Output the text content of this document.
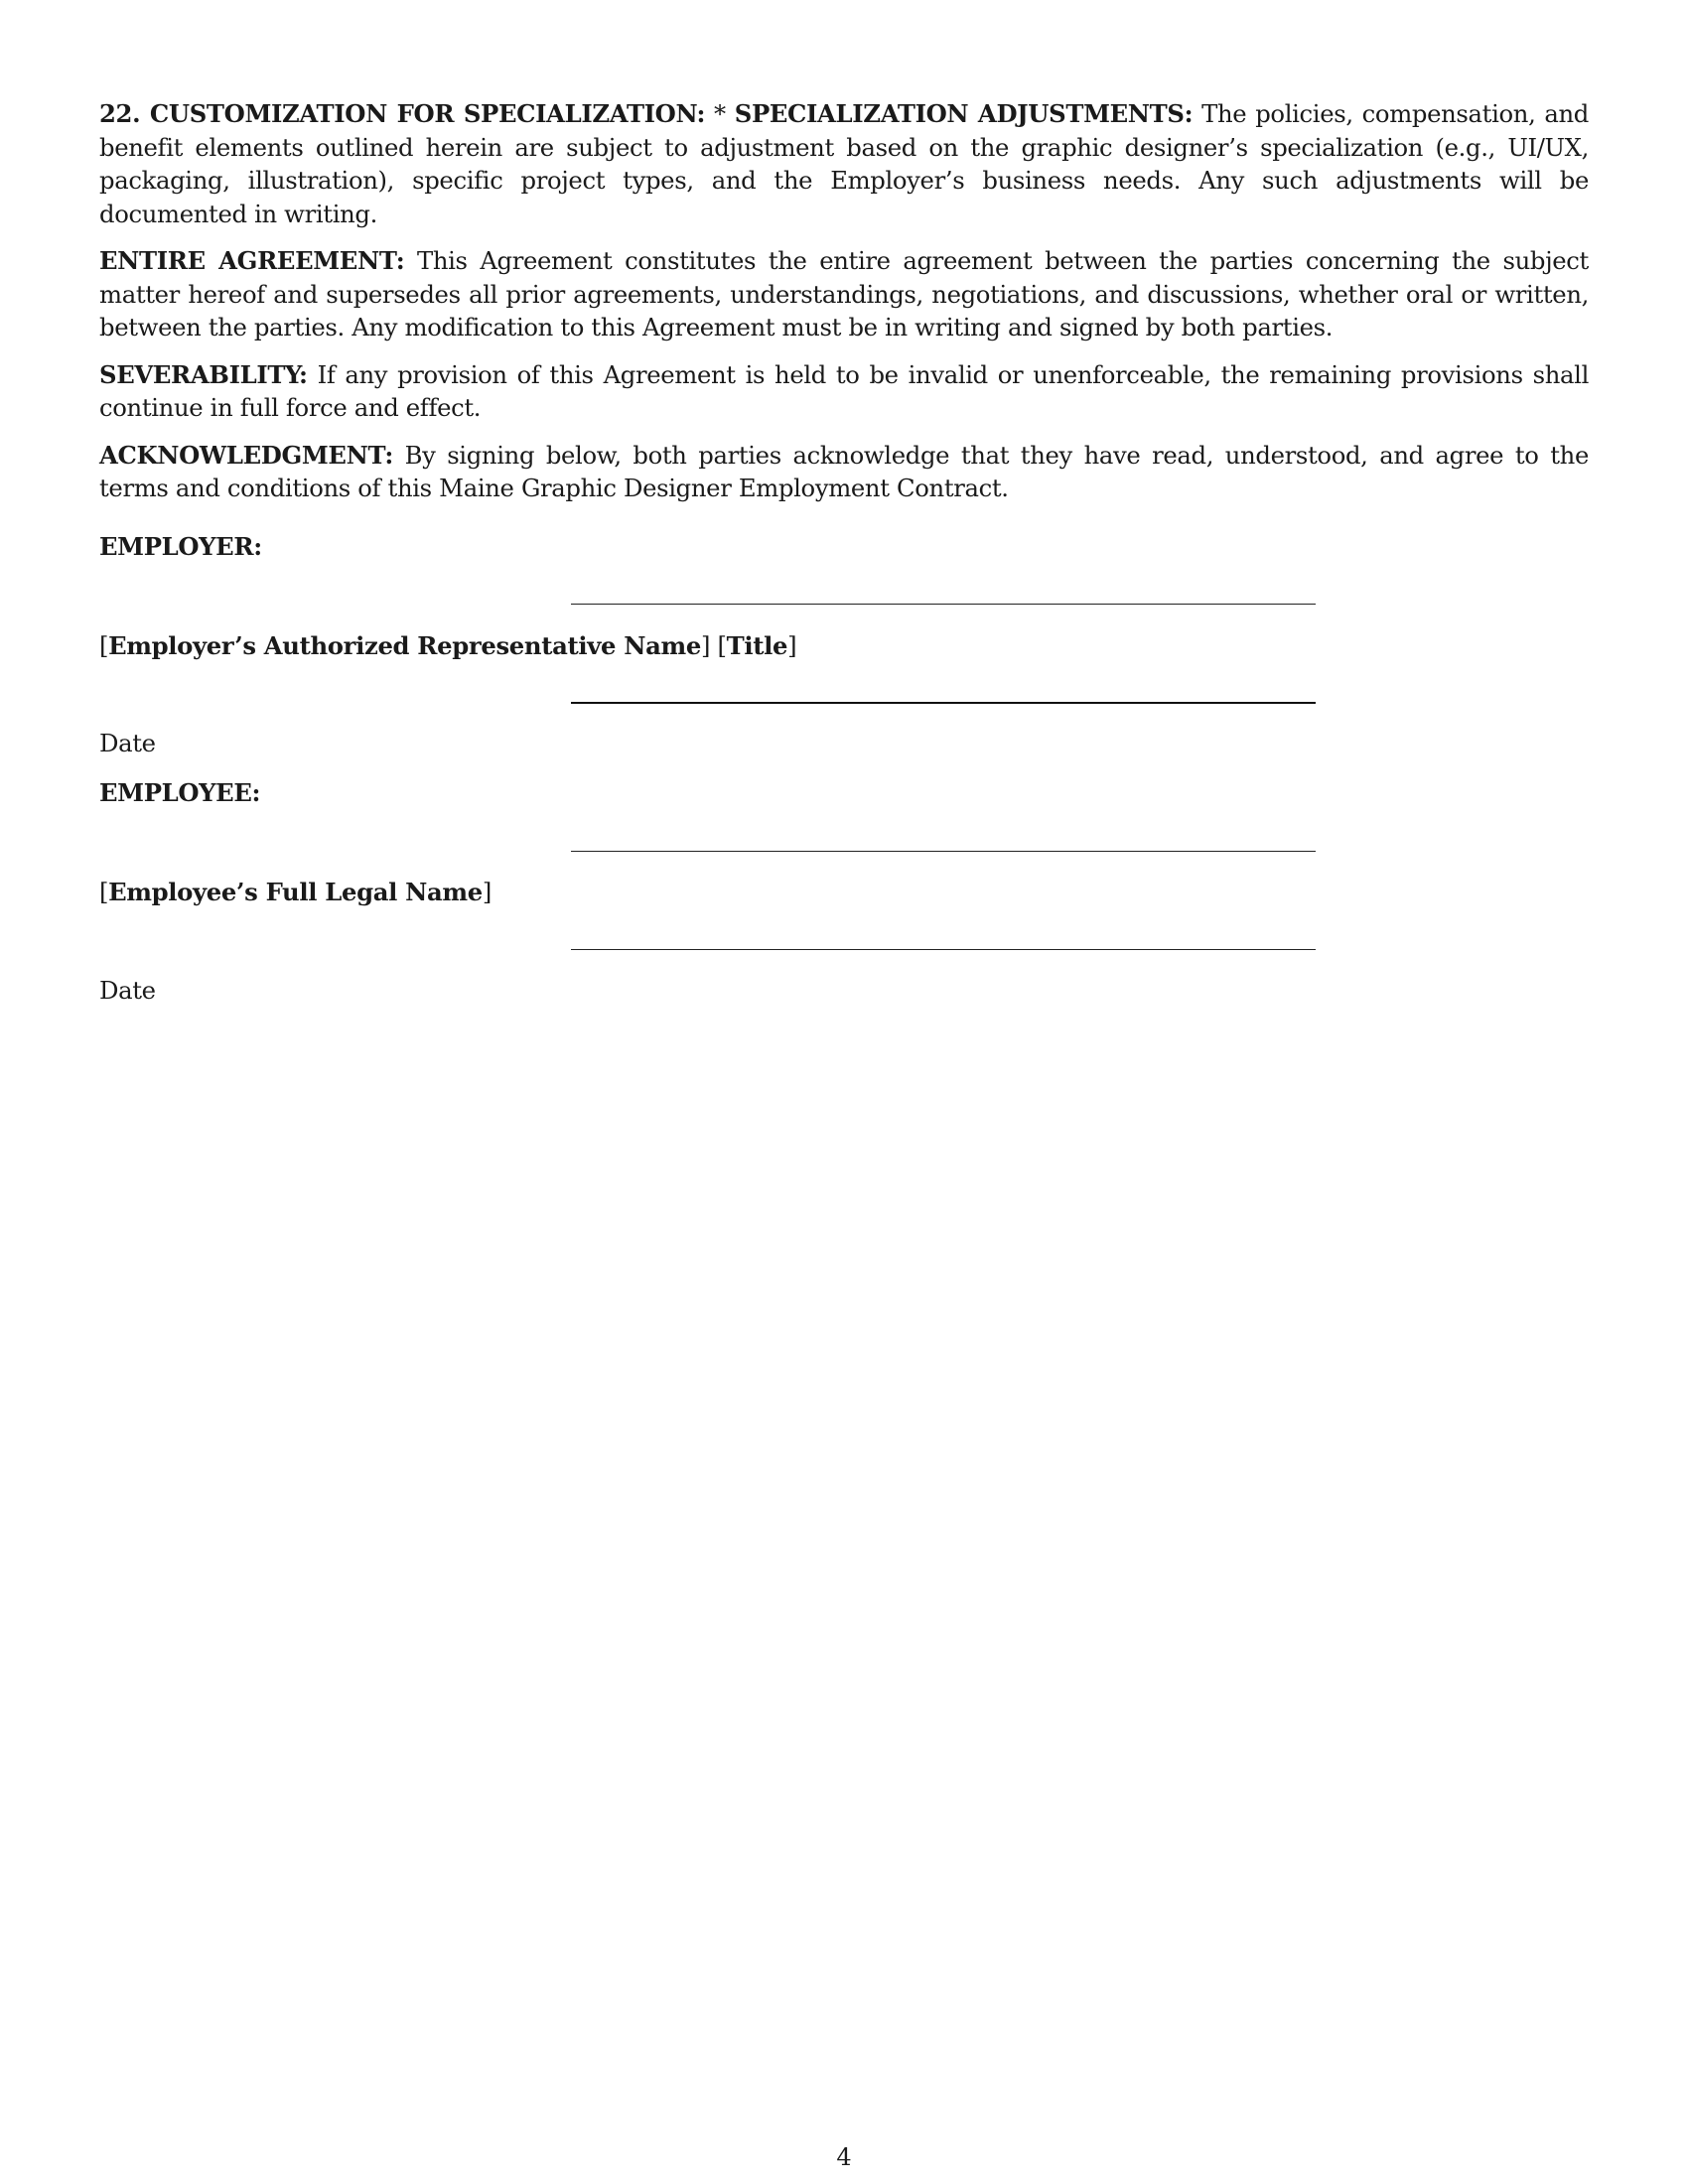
22. CUSTOMIZATION FOR SPECIALIZATION: * SPECIALIZATION ADJUSTMENTS: The policies, compensation, and benefit elements outlined herein are subject to adjustment based on the graphic designer’s specialization (e.g., UI/UX, packaging, illustration), specific project types, and the Employer’s business needs. Any such adjustments will be documented in writing.

ENTIRE AGREEMENT: This Agreement constitutes the entire agreement between the parties concerning the subject matter hereof and supersedes all prior agreements, understandings, negotiations, and discussions, whether oral or written, between the parties. Any modification to this Agreement must be in writing and signed by both parties.

SEVERABILITY: If any provision of this Agreement is held to be invalid or unenforceable, the remaining provisions shall continue in full force and effect.

ACKNOWLEDGMENT: By signing below, both parties acknowledge that they have read, understood, and agree to the terms and conditions of this Maine Graphic Designer Employment Contract.

EMPLOYER:
[Employer’s Authorized Representative Name] [Title]
Date
EMPLOYEE:
[Employee’s Full Legal Name]
Date
4
